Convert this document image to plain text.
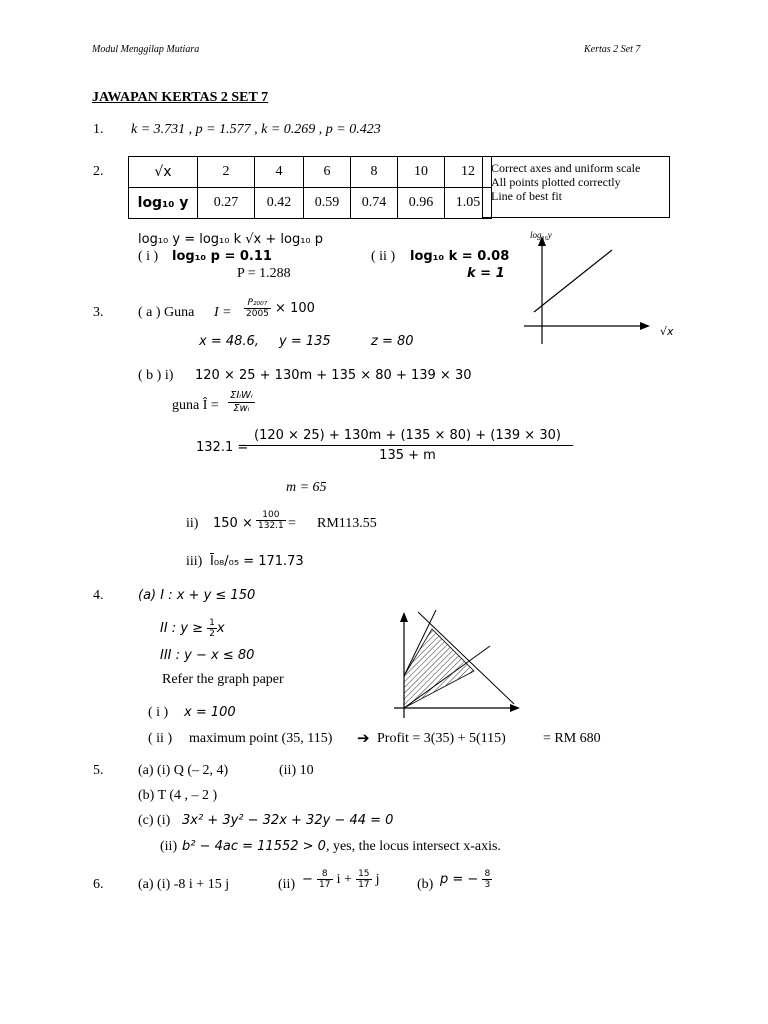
Modul Menggilap Mutiara	Kertas 2 Set 7
JAWAPAN KERTAS 2 SET 7
1. k = 3.731 , p = 1.577 , k = 0.269 , p = 0.423
2.	√x	2	4	6	8	10	12
log₁₀ y	0.27	0.42	0.59	0.74	0.96	1.05
Correct axes and uniform scale
All points plotted correctly
Line of best fit
log₁₀ y = log₁₀ k √x + log₁₀ p
( i ) log₁₀ p = 0.11
P = 1.288
( ii ) log₁₀ k = 0.08
k = 1
log₁₀y
√x
3. ( a ) Guna $I = \frac{\text{P₂₀₀₇}}{2005} \times 100$
x = 48.6, y = 135	z = 80
( b ) i) 120 × 25 + 130m + 135 × 80 + 139 × 30
guna Î = $\frac{\text{ΣIᵢWᵢ}}{\text{Σwᵢ}}$
132.1 =
$\frac{(120 \times 25) + 130m + (135 \times 80) + (139 \times 30)}{135 + m}$
m = 65
ii) $150 \times \frac{100}{132.1} = RM113.55$
iii) Ī₀₈/₀₅ = 171.73
4.	(a) I : x + y ≤ 150
II : $y \ge \frac{1}{2}$ x
III : y − x ≤ 80
Refer the graph paper
( i ) x = 100
( ii ) maximum point (35, 115) ➔ Profit = 3(35) + 5(115)	= RM 680
5. (a) (i) Q (– 2, 4)	(ii) 10
(b) T (4 , – 2 )
(c) (i) 3x² + 3y² − 32x + 32y − 44 = 0
(ii) b² − 4ac = 11552 > 0, yes, the locus intersect x-axis.
6. (a) (i) -8 i + 15 j	$(ii) - \frac{8}{17}$ $i + \frac{15}{17}$ j	(b) p = − $\frac{8}{3}$
